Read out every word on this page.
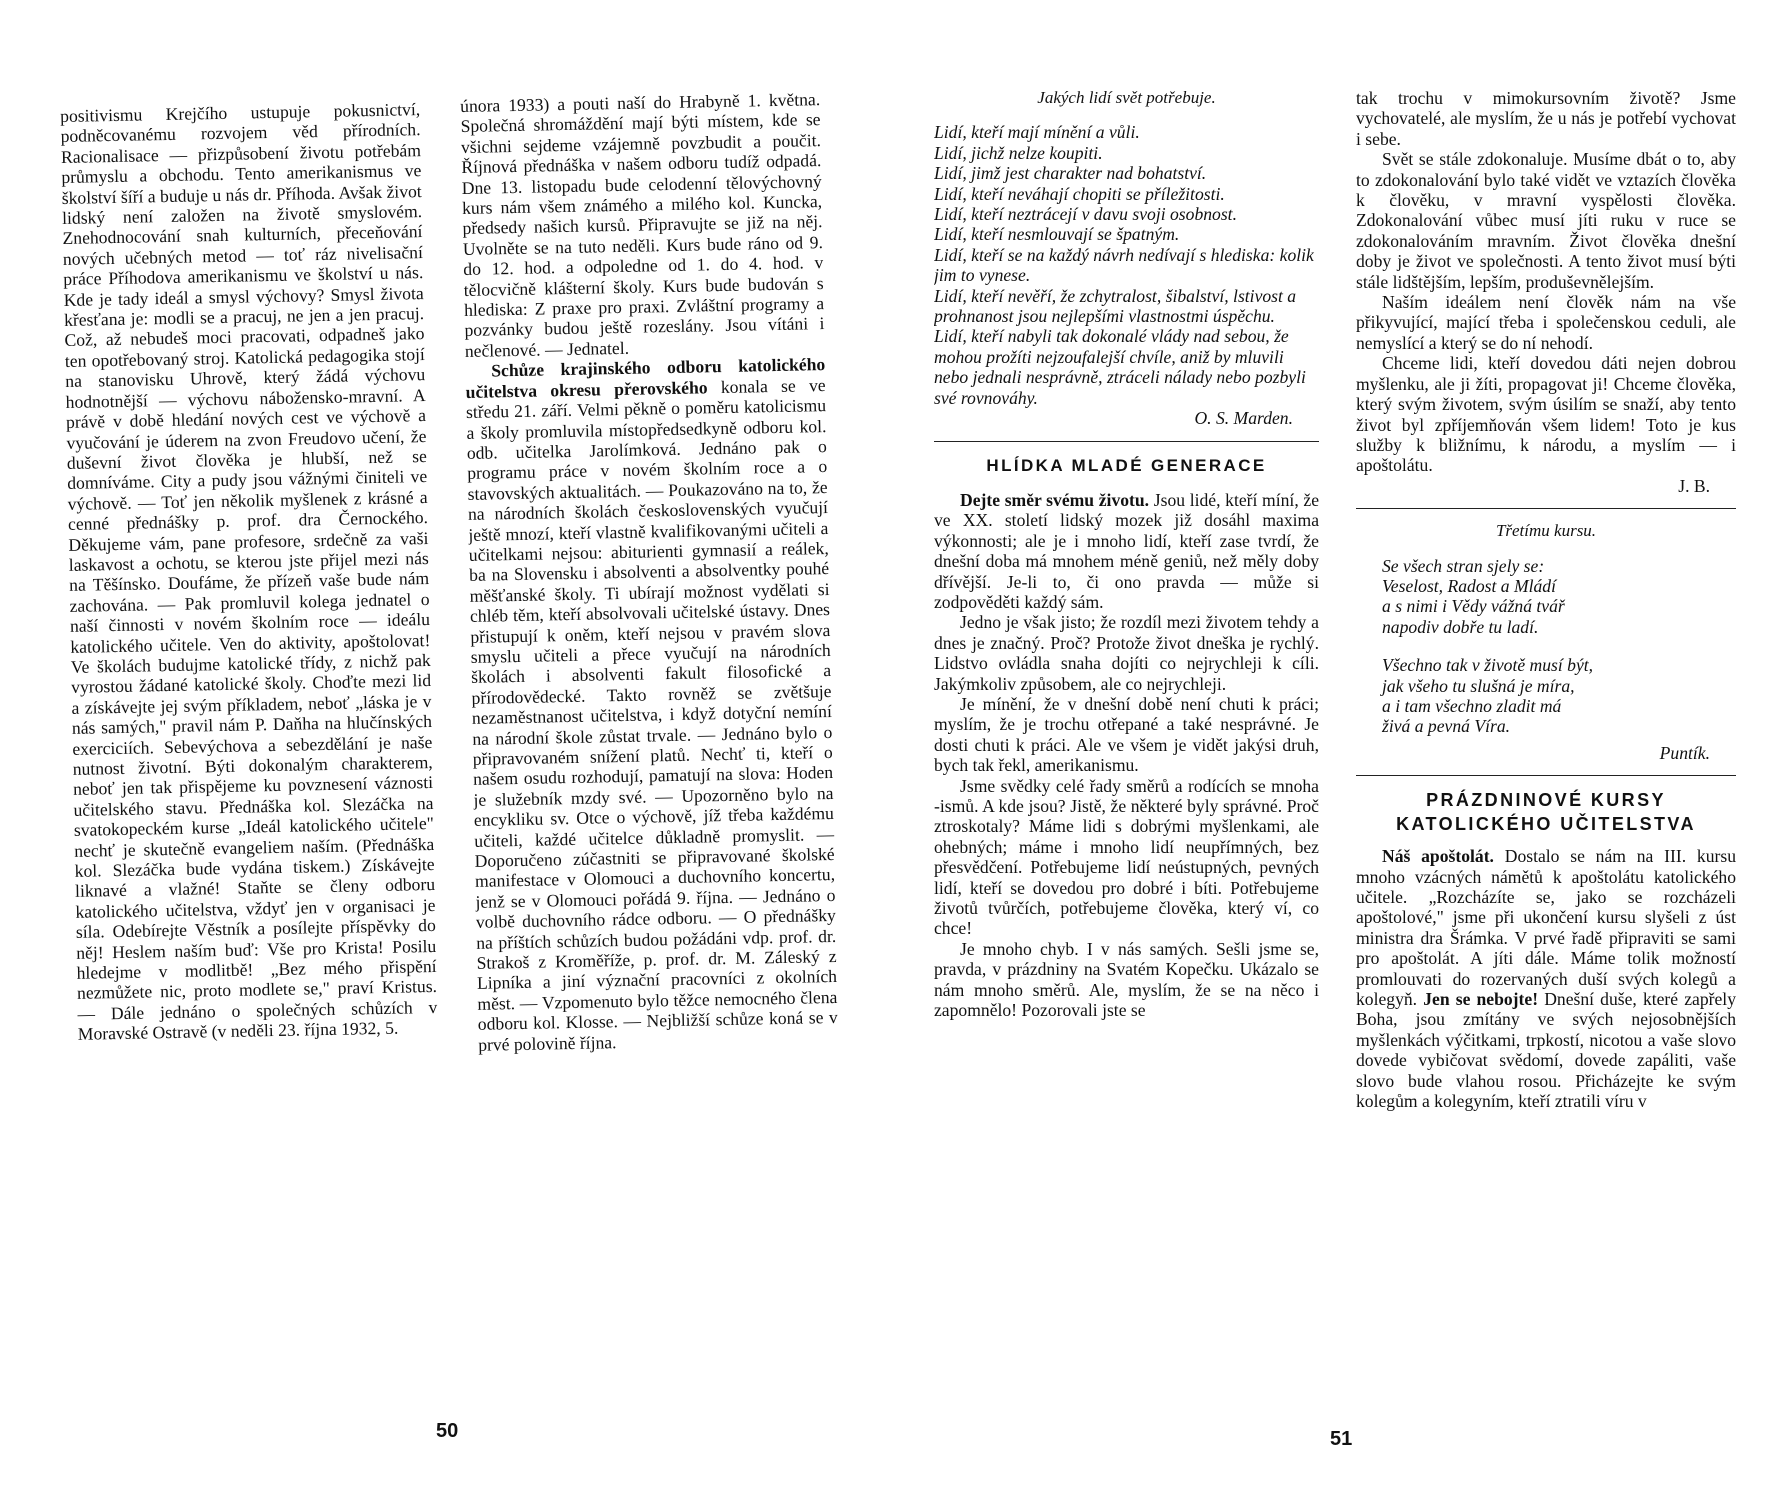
positivismu Krejčího ustupuje pokusnictví, podněcovanému rozvojem věd přírodních. Racionalisace — přizpůsobení životu potřebám průmyslu a obchodu. Tento amerikanismus ve školství šíří a buduje u nás dr. Příhoda. Avšak život lidský není založen na životě smyslovém. Znehodnocování snah kulturních, přeceňování nových učebných metod — toť ráz nivelisační práce Příhodova amerikanismu ve školství u nás. Kde je tady ideál a smysl výchovy? Smysl života křesťana je: modli se a pracuj, ne jen a jen pracuj. Což, až nebudeš moci pracovati, odpadneš jako ten opotřebovaný stroj. Katolická pedagogika stojí na stanovisku Uhrově, který žádá výchovu hodnotnější — výchovu nábožensko-mravní. A právě v době hledání nových cest ve výchově a vyučování je úderem na zvon Freudovo učení, že duševní život člověka je hlubší, než se domníváme. City a pudy jsou vážnými činiteli ve výchově. — Toť jen několik myšlenek z krásné a cenné přednášky p. prof. dra Černockého. Děkujeme vám, pane profesore, srdečně za vaši laskavost a ochotu, se kterou jste přijel mezi nás na Těšínsko. Doufáme, že přízeň vaše bude nám zachována. — Pak promluvil kolega jednatel o naší činnosti v novém školním roce — ideálu katolického učitele. Ven do aktivity, apoštolovat! Ve školách budujme katolické třídy, z nichž pak vyrostou žádané katolické školy. Choďte mezi lid a získávejte jej svým příkladem, neboť „láska je v nás samých," pravil nám P. Daňha na hlučínských exerciciích. Sebevýchova a sebezdělání je naše nutnost životní. Býti dokonalým charakterem, neboť jen tak přispějeme ku povznesení váznosti učitelského stavu. Přednáška kol. Slezáčka na svatokopeckém kurse „Ideál katolického učitele" nechť je skutečně evangeliem naším. (Přednáška kol. Slezáčka bude vydána tiskem.) Získávejte liknavé a vlažné! Staňte se členy odboru katolického učitelstva, vždyť jen v organisaci je síla. Odebírejte Věstník a posílejte příspěvky do něj! Heslem naším buď: Vše pro Krista! Posilu hledejme v modlitbě! „Bez mého přispění nezmůžete nic, proto modlete se," praví Kristus. — Dále jednáno o společných schůzích v Moravské Ostravě (v neděli 23. října 1932, 5.

února 1933) a pouti naší do Hrabyně 1. května. Společná shromáždění mají býti místem, kde se všichni sejdeme vzájemně povzbudit a poučit. Říjnová přednáška v našem odboru tudíž odpadá. Dne 13. listopadu bude celodenní tělovýchovný kurs nám všem známého a milého kol. Kuncka, předsedy našich kursů. Připravujte se již na něj. Uvolněte se na tuto neděli. Kurs bude ráno od 9. do 12. hod. a odpoledne od 1. do 4. hod. v tělocvičně klášterní školy. Kurs bude budován s hlediska: Z praxe pro praxi. Zvláštní programy a pozvánky budou ještě rozeslány. Jsou vítáni i nečlenové. — Jednatel.

Schůze krajinského odboru katolického učitelstva okresu přerovského konala se ve středu 21. září. Velmi pěkně o poměru katolicismu a školy promluvila místopředsedkyně odboru kol. odb. učitelka Jarolímková. Jednáno pak o programu práce v novém školním roce a o stavovských aktualitách. — Poukazováno na to, že na národních školách československých vyučují ještě mnozí, kteří vlastně kvalifikovanými učiteli a učitelkami nejsou: abiturienti gymnasií a reálek, ba na Slovensku i absolventi a absolventky pouhé měšťanské školy. Ti ubírají možnost vydělati si chléb těm, kteří absolvovali učitelské ústavy. Dnes přistupují k oněm, kteří nejsou v pravém slova smyslu učiteli a přece vyučují na národních školách i absolventi fakult filosofické a přírodovědecké. Takto rovněž se zvětšuje nezaměstnanost učitelstva, i když dotyční nemíní na národní škole zůstat trvale. — Jednáno bylo o připravovaném snížení platů. Nechť ti, kteří o našem osudu rozhodují, pamatují na slova: Hoden je služebník mzdy své. — Upozorněno bylo na encykliku sv. Otce o výchově, jíž třeba každému učiteli, každé učitelce důkladně promyslit. — Doporučeno zúčastniti se připravované školské manifestace v Olomouci a duchovního koncertu, jenž se v Olomouci pořádá 9. října. — Jednáno o volbě duchovního rádce odboru. — O přednášky na příštích schůzích budou požádáni vdp. prof. dr. Strakoš z Kroměříže, p. prof. dr. M. Záleský z Lipníka a jiní význační pracovníci z okolních měst. — Vzpomenuto bylo těžce nemocného člena odboru kol. Klosse. — Nejbližší schůze koná se v prvé polovině října.

50

Jakých lidí svět potřebuje.

Lidí, kteří mají mínění a vůli.

Lidí, jichž nelze koupiti.

Lidí, jimž jest charakter nad bohatství.

Lidí, kteří neváhají chopiti se příležitosti.

Lidí, kteří neztrácejí v davu svoji osobnost.

Lidí, kteří nesmlouvají se špatným.

Lidí, kteří se na každý návrh nedívají s hlediska: kolik jim to vynese.

Lidí, kteří nevěří, že zchytralost, šibalství, lstivost a prohnanost jsou nejlepšími vlastnostmi úspěchu.

Lidí, kteří nabyli tak dokonalé vlády nad sebou, že mohou prožíti nejzoufalejší chvíle, aniž by mluvili nebo jednali nesprávně, ztráceli nálady nebo pozbyli své rovnováhy.

O. S. Marden.

HLÍDKA MLADÉ GENERACE

Dejte směr svému životu. Jsou lidé, kteří míní, že ve XX. století lidský mozek již dosáhl maxima výkonnosti; ale je i mnoho lidí, kteří zase tvrdí, že dnešní doba má mnohem méně geniů, než měly doby dřívější. Je-li to, či ono pravda — může si zodpověděti každý sám.

Jedno je však jisto; že rozdíl mezi životem tehdy a dnes je značný. Proč? Protože život dneška je rychlý. Lidstvo ovládla snaha dojíti co nejrychleji k cíli. Jakýmkoliv způsobem, ale co nejrychleji.

Je mínění, že v dnešní době není chuti k práci; myslím, že je trochu otřepané a také nesprávné. Je dosti chuti k práci. Ale ve všem je vidět jakýsi druh, bych tak řekl, amerikanismu.

Jsme svědky celé řady směrů a rodících se mnoha -ismů. A kde jsou? Jistě, že některé byly správné. Proč ztroskotaly? Máme lidi s dobrými myšlenkami, ale ohebných; máme i mnoho lidí neupřímných, bez přesvědčení. Potřebujeme lidí neústupných, pevných lidí, kteří se dovedou pro dobré i bíti. Potřebujeme životů tvůrčích, potřebujeme člověka, který ví, co chce!

Je mnoho chyb. I v nás samých. Sešli jsme se, pravda, v prázdniny na Svatém Kopečku. Ukázalo se nám mnoho směrů. Ale, myslím, že se na něco i zapomnělo! Pozorovali jste se

tak trochu v mimokursovním životě? Jsme vychovatelé, ale myslím, že u nás je potřebí vychovat i sebe.

Svět se stále zdokonaluje. Musíme dbát o to, aby to zdokonalování bylo také vidět ve vztazích člověka k člověku, v mravní vyspělosti člověka. Zdokonalování vůbec musí jíti ruku v ruce se zdokonalováním mravním. Život člověka dnešní doby je život ve společnosti. A tento život musí býti stále lidštějším, lepším, produševnělejším.

Naším ideálem není člověk nám na vše přikyvující, mající třeba i společenskou ceduli, ale nemyslící a který se do ní nehodí.

Chceme lidi, kteří dovedou dáti nejen dobrou myšlenku, ale ji žíti, propagovat ji! Chceme člověka, který svým životem, svým úsilím se snaží, aby tento život byl zpříjemňován všem lidem! Toto je kus služby k bližnímu, k národu, a myslím — i apoštolátu.

J. B.

Třetímu kursu.

Se všech stran sjely se:

Veselost, Radost a Mládí

a s nimi i Vědy vážná tvář

napodiv dobře tu ladí.

Všechno tak v životě musí být,

jak všeho tu slušná je míra,

a i tam všechno zladit má

živá a pevná Víra.

Puntík.

PRÁZDNINOVÉ KURSY
KATOLICKÉHO UČITELSTVA

Náš apoštolát. Dostalo se nám na III. kursu mnoho vzácných námětů k apoštolátu katolického učitele. „Rozcházíte se, jako se rozcházeli apoštolové," jsme při ukončení kursu slyšeli z úst ministra dra Šrámka. V prvé řadě připraviti se sami pro apoštolát. A jíti dále. Máme tolik možností promlouvati do rozervaných duší svých kolegů a kolegyň. Jen se nebojte! Dnešní duše, které zapřely Boha, jsou zmítány ve svých nejosobnějších myšlenkách výčitkami, trpkostí, nicotou a vaše slovo dovede vybičovat svědomí, dovede zapáliti, vaše slovo bude vlahou rosou. Přicházejte ke svým kolegům a kolegyním, kteří ztratili víru v

51
